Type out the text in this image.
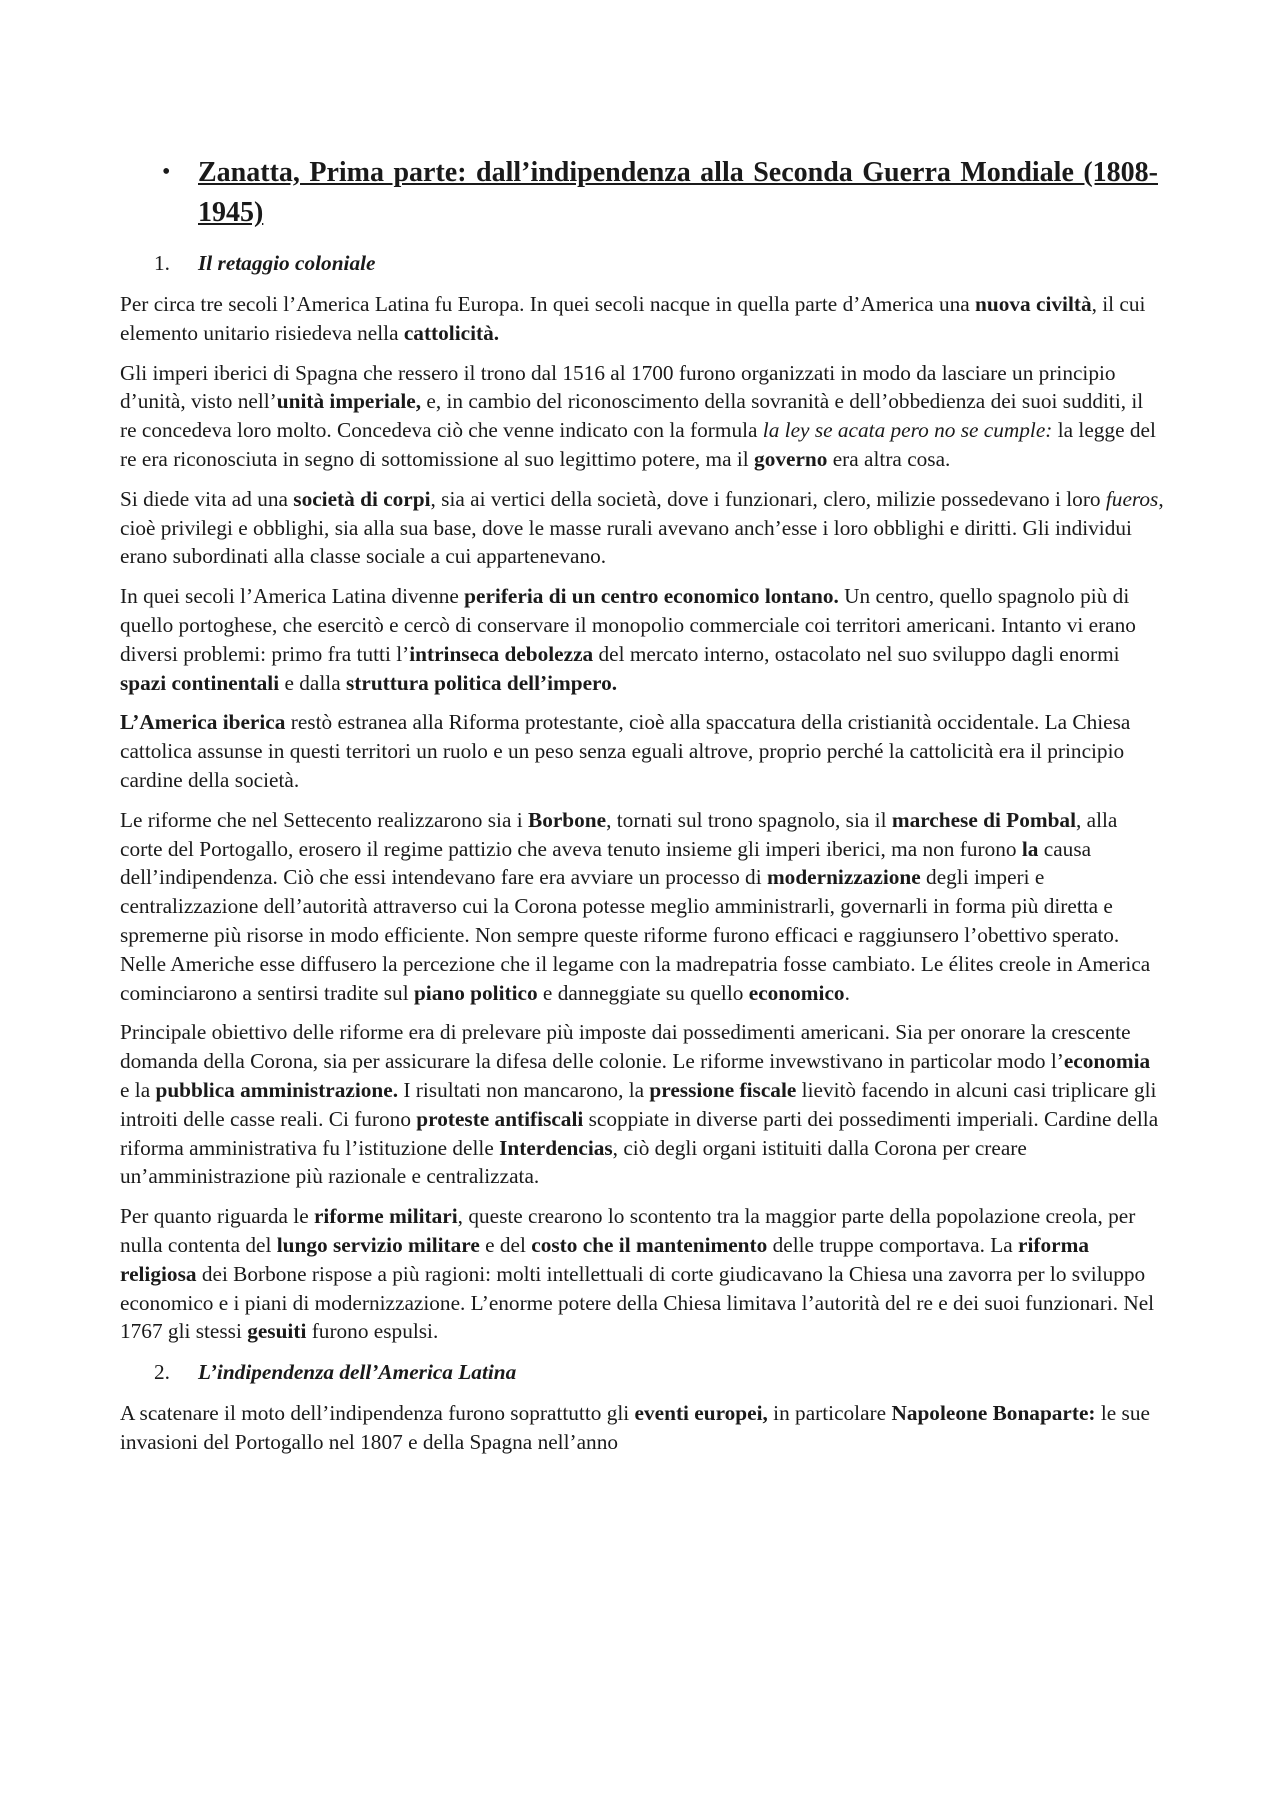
• Zanatta, Prima parte: dall’indipendenza alla Seconda Guerra Mondiale (1808-1945)
1. Il retaggio coloniale

Per circa tre secoli l’America Latina fu Europa. In quei secoli nacque in quella parte d’America una nuova civiltà, il cui elemento unitario risiedeva nella cattolicità.

Gli imperi iberici di Spagna che ressero il trono dal 1516 al 1700 furono organizzati in modo da lasciare un principio d’unità, visto nell’unità imperiale, e, in cambio del riconoscimento della sovranità e dell’obbedienza dei suoi sudditi, il re concedeva loro molto. Concedeva ciò che venne indicato con la formula la ley se acata pero no se cumple: la legge del re era riconosciuta in segno di sottomissione al suo legittimo potere, ma il governo era altra cosa.

Si diede vita ad una società di corpi, sia ai vertici della società, dove i funzionari, clero, milizie possedevano i loro fueros, cioè privilegi e obblighi, sia alla sua base, dove le masse rurali avevano anch’esse i loro obblighi e diritti. Gli individui erano subordinati alla classe sociale a cui appartenevano.

In quei secoli l’America Latina divenne periferia di un centro economico lontano. Un centro, quello spagnolo più di quello portoghese, che esercitò e cercò di conservare il monopolio commerciale coi territori americani. Intanto vi erano diversi problemi: primo fra tutti l’intrinseca debolezza del mercato interno, ostacolato nel suo sviluppo dagli enormi spazi continentali e dalla struttura politica dell’impero.

L’America iberica restò estranea alla Riforma protestante, cioè alla spaccatura della cristianità occidentale. La Chiesa cattolica assunse in questi territori un ruolo e un peso senza eguali altrove, proprio perché la cattolicità era il principio cardine della società.

Le riforme che nel Settecento realizzarono sia i Borbone, tornati sul trono spagnolo, sia il marchese di Pombal, alla corte del Portogallo, erosero il regime pattizio che aveva tenuto insieme gli imperi iberici, ma non furono la causa dell’indipendenza. Ciò che essi intendevano fare era avviare un processo di modernizzazione degli imperi e centralizzazione dell’autorità attraverso cui la Corona potesse meglio amministrarli, governarli in forma più diretta e spremerne più risorse in modo efficiente. Non sempre queste riforme furono efficaci e raggiunsero l’obettivo sperato. Nelle Americhe esse diffusero la percezione che il legame con la madrepatria fosse cambiato. Le élites creole in America cominciarono a sentirsi tradite sul piano politico e danneggiate su quello economico.

Principale obiettivo delle riforme era di prelevare più imposte dai possedimenti americani. Sia per onorare la crescente domanda della Corona, sia per assicurare la difesa delle colonie. Le riforme invewstivano in particolar modo l’economia e la pubblica amministrazione. I risultati non mancarono, la pressione fiscale lievitò facendo in alcuni casi triplicare gli introiti delle casse reali. Ci furono proteste antifiscali scoppiate in diverse parti dei possedimenti imperiali. Cardine della riforma amministrativa fu l’istituzione delle Interdencias, ciò degli organi istituiti dalla Corona per creare un’amministrazione più razionale e centralizzata.

Per quanto riguarda le riforme militari, queste crearono lo scontento tra la maggior parte della popolazione creola, per nulla contenta del lungo servizio militare e del costo che il mantenimento delle truppe comportava. La riforma religiosa dei Borbone rispose a più ragioni: molti intellettuali di corte giudicavano la Chiesa una zavorra per lo sviluppo economico e i piani di modernizzazione. L’enorme potere della Chiesa limitava l’autorità del re e dei suoi funzionari. Nel 1767 gli stessi gesuiti furono espulsi.

2. L’indipendenza dell’America Latina

A scatenare il moto dell’indipendenza furono soprattutto gli eventi europei, in particolare Napoleone Bonaparte: le sue invasioni del Portogallo nel 1807 e della Spagna nell’anno
